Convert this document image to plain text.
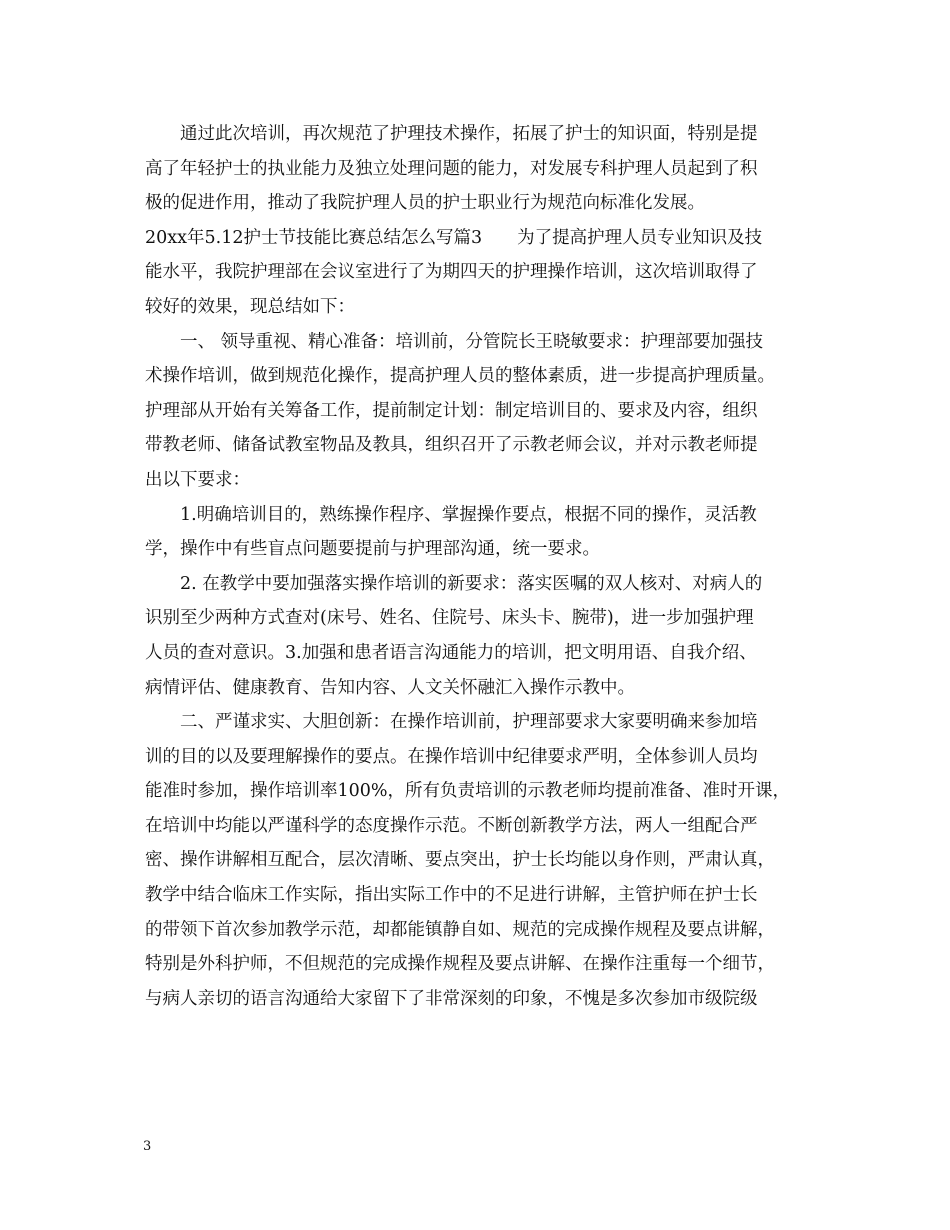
　　通过此次培训，再次规范了护理技术操作，拓展了护士的知识面，特别是提
高了年轻护士的执业能力及独立处理问题的能力，对发展专科护理人员起到了积
极的促进作用，推动了我院护理人员的护士职业行为规范向标准化发展。
20xx年5.12护士节技能比赛总结怎么写篇3　　为了提高护理人员专业知识及技
能水平，我院护理部在会议室进行了为期四天的护理操作培训，这次培训取得了
较好的效果，现总结如下：
　　一、 领导重视、精心准备：培训前，分管院长王晓敏要求：护理部要加强技
术操作培训，做到规范化操作，提高护理人员的整体素质，进一步提高护理质量。
护理部从开始有关筹备工作，提前制定计划：制定培训目的、要求及内容，组织
带教老师、储备试教室物品及教具，组织召开了示教老师会议，并对示教老师提
出以下要求：
　　1.明确培训目的，熟练操作程序、掌握操作要点，根据不同的操作，灵活教
学，操作中有些盲点问题要提前与护理部沟通，统一要求。
　　2. 在教学中要加强落实操作培训的新要求：落实医嘱的双人核对、对病人的
识别至少两种方式查对(床号、姓名、住院号、床头卡、腕带)，进一步加强护理
人员的查对意识。3.加强和患者语言沟通能力的培训，把文明用语、自我介绍、
病情评估、健康教育、告知内容、人文关怀融汇入操作示教中。
　　二、严谨求实、大胆创新：在操作培训前，护理部要求大家要明确来参加培
训的目的以及要理解操作的要点。在操作培训中纪律要求严明，全体参训人员均
能准时参加，操作培训率100%，所有负责培训的示教老师均提前准备、准时开课，
在培训中均能以严谨科学的态度操作示范。不断创新教学方法，两人一组配合严
密、操作讲解相互配合，层次清晰、要点突出，护士长均能以身作则，严肃认真，
教学中结合临床工作实际，指出实际工作中的不足进行讲解，主管护师在护士长
的带领下首次参加教学示范，却都能镇静自如、规范的完成操作规程及要点讲解，
特别是外科护师，不但规范的完成操作规程及要点讲解、在操作注重每一个细节，
与病人亲切的语言沟通给大家留下了非常深刻的印象，不愧是多次参加市级院级
3
